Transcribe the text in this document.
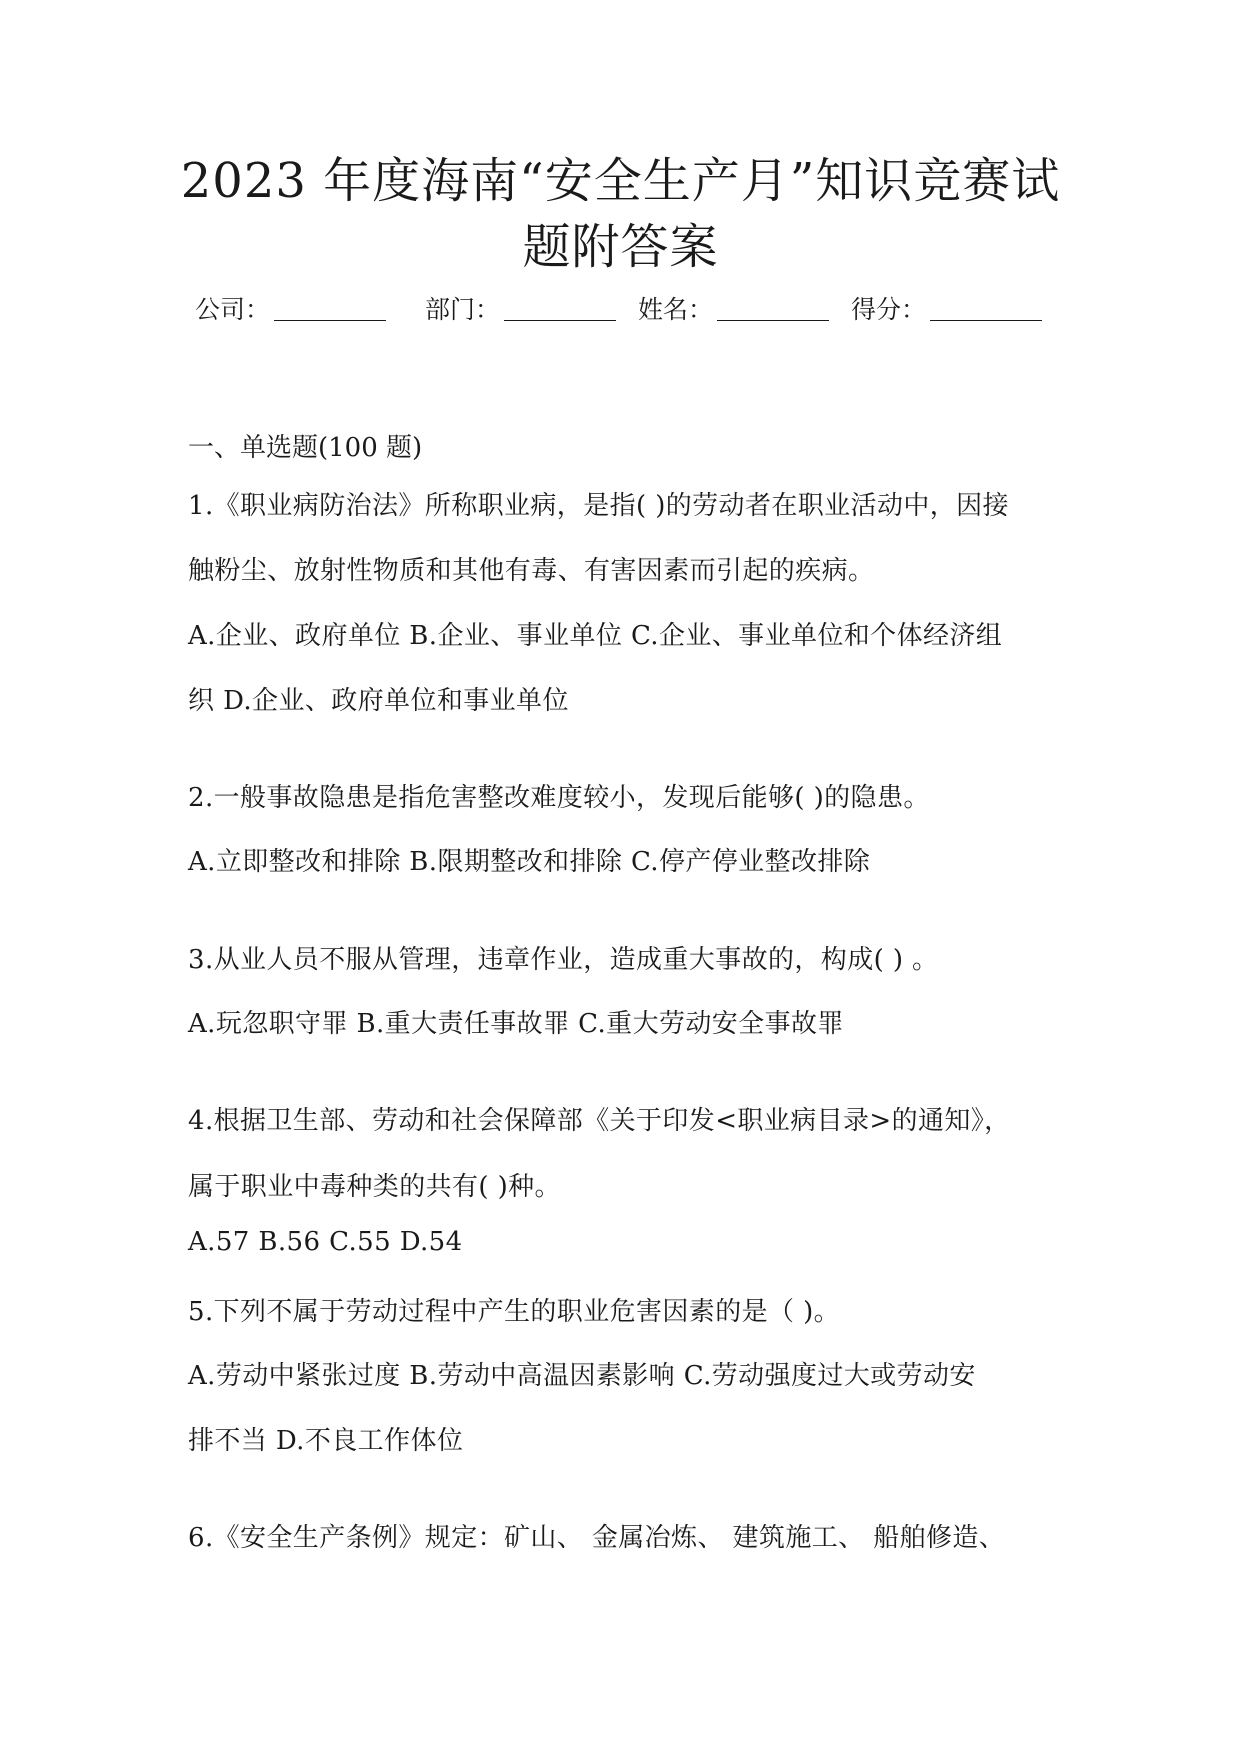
2023 年度海南“安全生产月”知识竞赛试
题附答案
公司：	部门：	姓名：	得分：
一、单选题(100 题)
1.《职业病防治法》所称职业病，是指( )的劳动者在职业活动中，因接
触粉尘、放射性物质和其他有毒、有害因素而引起的疾病。
A.企业、政府单位 B.企业、事业单位 C.企业、事业单位和个体经济组
织 D.企业、政府单位和事业单位
2.一般事故隐患是指危害整改难度较小，发现后能够( )的隐患。
A.立即整改和排除 B.限期整改和排除 C.停产停业整改排除
3.从业人员不服从管理，违章作业，造成重大事故的，构成( ) 。
A.玩忽职守罪 B.重大责任事故罪 C.重大劳动安全事故罪
4.根据卫生部、劳动和社会保障部《关于印发<职业病目录>的通知》，
属于职业中毒种类的共有( )种。
A.57 B.56 C.55 D.54
5.下列不属于劳动过程中产生的职业危害因素的是（ )。
A.劳动中紧张过度 B.劳动中高温因素影响 C.劳动强度过大或劳动安
排不当 D.不良工作体位
6.《安全生产条例》规定：矿山、 金属冶炼、 建筑施工、 船舶修造、
